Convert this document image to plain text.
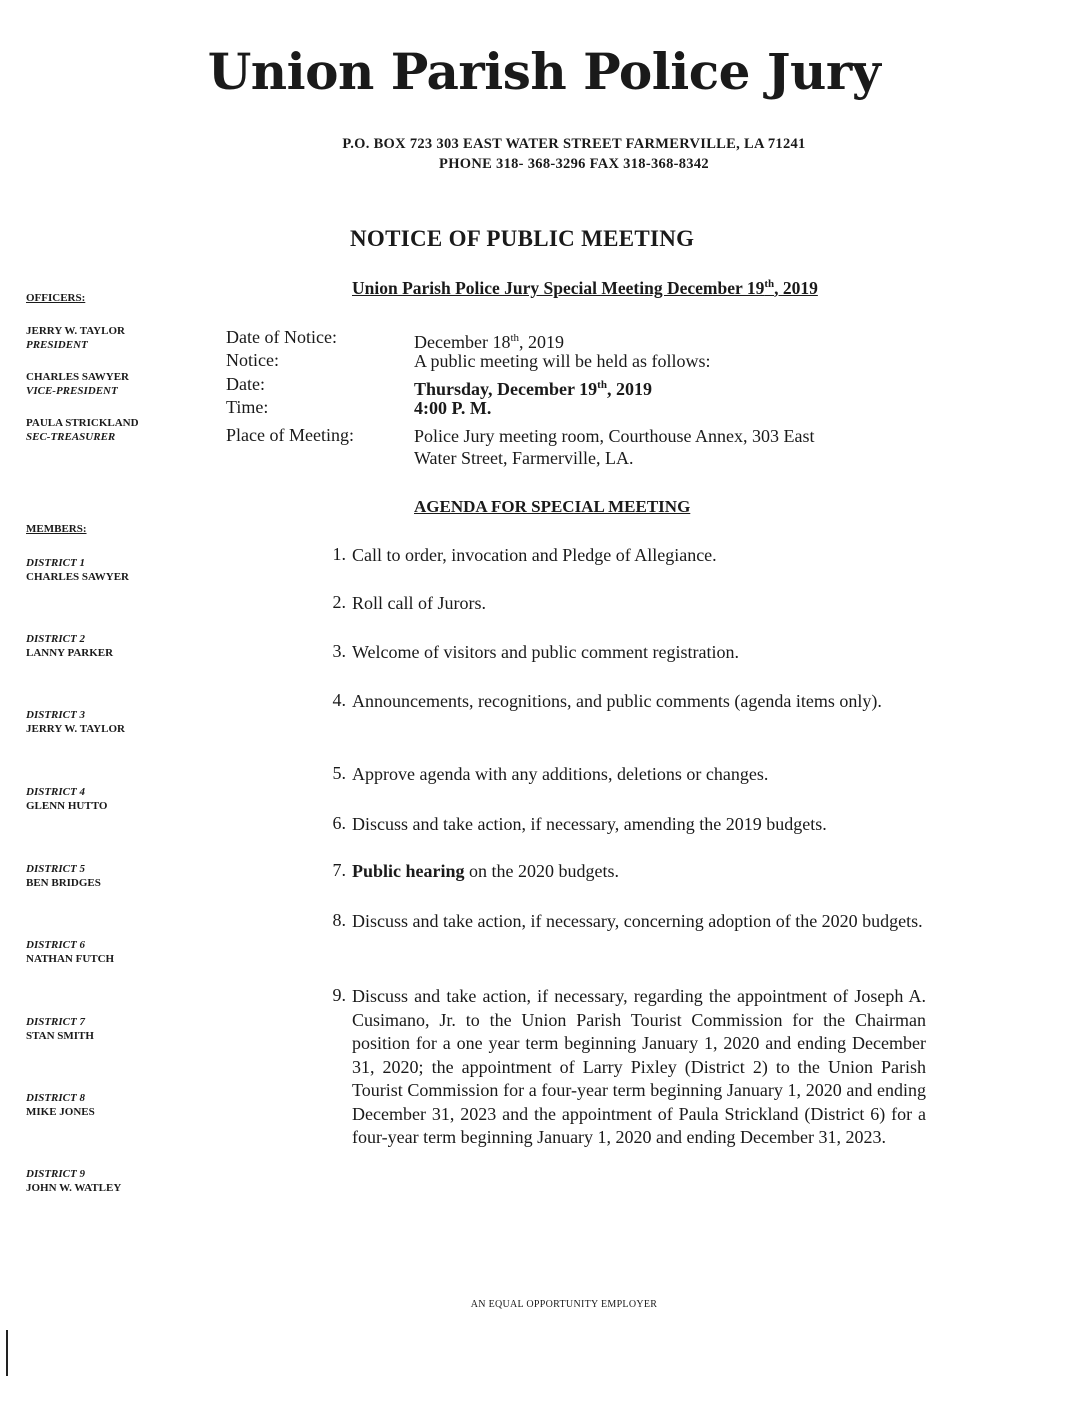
Union Parish Police Jury
P.O. BOX 723 303 EAST WATER STREET FARMERVILLE, LA 71241
PHONE 318- 368-3296 FAX 318-368-8342
NOTICE OF PUBLIC MEETING
Union Parish Police Jury Special Meeting December 19th, 2019
OFFICERS:
JERRY W. TAYLOR
PRESIDENT
CHARLES SAWYER
VICE-PRESIDENT
PAULA STRICKLAND
SEC-TREASURER
MEMBERS:
DISTRICT 1
CHARLES SAWYER
DISTRICT 2
LANNY PARKER
DISTRICT 3
JERRY W. TAYLOR
DISTRICT 4
GLENN HUTTO
DISTRICT 5
BEN BRIDGES
DISTRICT 6
NATHAN FUTCH
DISTRICT 7
STAN SMITH
DISTRICT 8
MIKE JONES
DISTRICT 9
JOHN W. WATLEY
Date of Notice:	December 18th, 2019
Notice:	A public meeting will be held as follows:
Date:	Thursday, December 19th, 2019
Time:	4:00 P. M.
Place of Meeting:	Police Jury meeting room, Courthouse Annex, 303 East
Water Street, Farmerville, LA.
AGENDA FOR SPECIAL MEETING
1. Call to order, invocation and Pledge of Allegiance.
2. Roll call of Jurors.
3. Welcome of visitors and public comment registration.
4. Announcements, recognitions, and public comments (agenda items only).
5. Approve agenda with any additions, deletions or changes.
6. Discuss and take action, if necessary, amending the 2019 budgets.
7. Public hearing on the 2020 budgets.
8. Discuss and take action, if necessary, concerning adoption of the 2020 budgets.
9. Discuss and take action, if necessary, regarding the appointment of Joseph A. Cusimano, Jr. to the Union Parish Tourist Commission for the Chairman position for a one year term beginning January 1, 2020 and ending December 31, 2020; the appointment of Larry Pixley (District 2) to the Union Parish Tourist Commission for a four-year term beginning January 1, 2020 and ending December 31, 2023 and the appointment of Paula Strickland (District 6) for a four-year term beginning January 1, 2020 and ending December 31, 2023.
AN EQUAL OPPORTUNITY EMPLOYER
